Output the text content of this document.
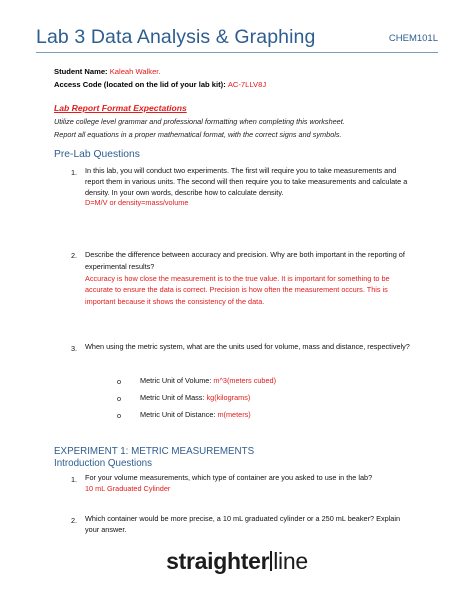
Lab 3 Data Analysis & Graphing	CHEM101L
Student Name: Kaleah Walker.
Access Code (located on the lid of your lab kit): AC-7LLV8J
Lab Report Format Expectations
Utilize college level grammar and professional formatting when completing this worksheet.
Report all equations in a proper mathematical format, with the correct signs and symbols.
Pre-Lab Questions
1. In this lab, you will conduct two experiments. The first will require you to take measurements and report them in various units. The second will then require you to take measurements and calculate a density. In your own words, describe how to calculate density.
D=M/V or density=mass/volume
2. Describe the difference between accuracy and precision. Why are both important in the reporting of experimental results?
Accuracy is how close the measurement is to the true value. It is important for something to be accurate to ensure the data is correct. Precision is how often the measurement occurs. This is important because it shows the consistency of the data.
3. When using the metric system, what are the units used for volume, mass and distance, respectively?
o	Metric Unit of Volume: m^3(meters cubed)
o	Metric Unit of Mass: kg(kilograms)
o	Metric Unit of Distance: m(meters)
EXPERIMENT 1: METRIC MEASUREMENTS
Introduction Questions
1. For your volume measurements, which type of container are you asked to use in the lab?
10 mL Graduated Cylinder
2. Which container would be more precise, a 10 mL graduated cylinder or a 250 mL beaker? Explain your answer.
straighter line
